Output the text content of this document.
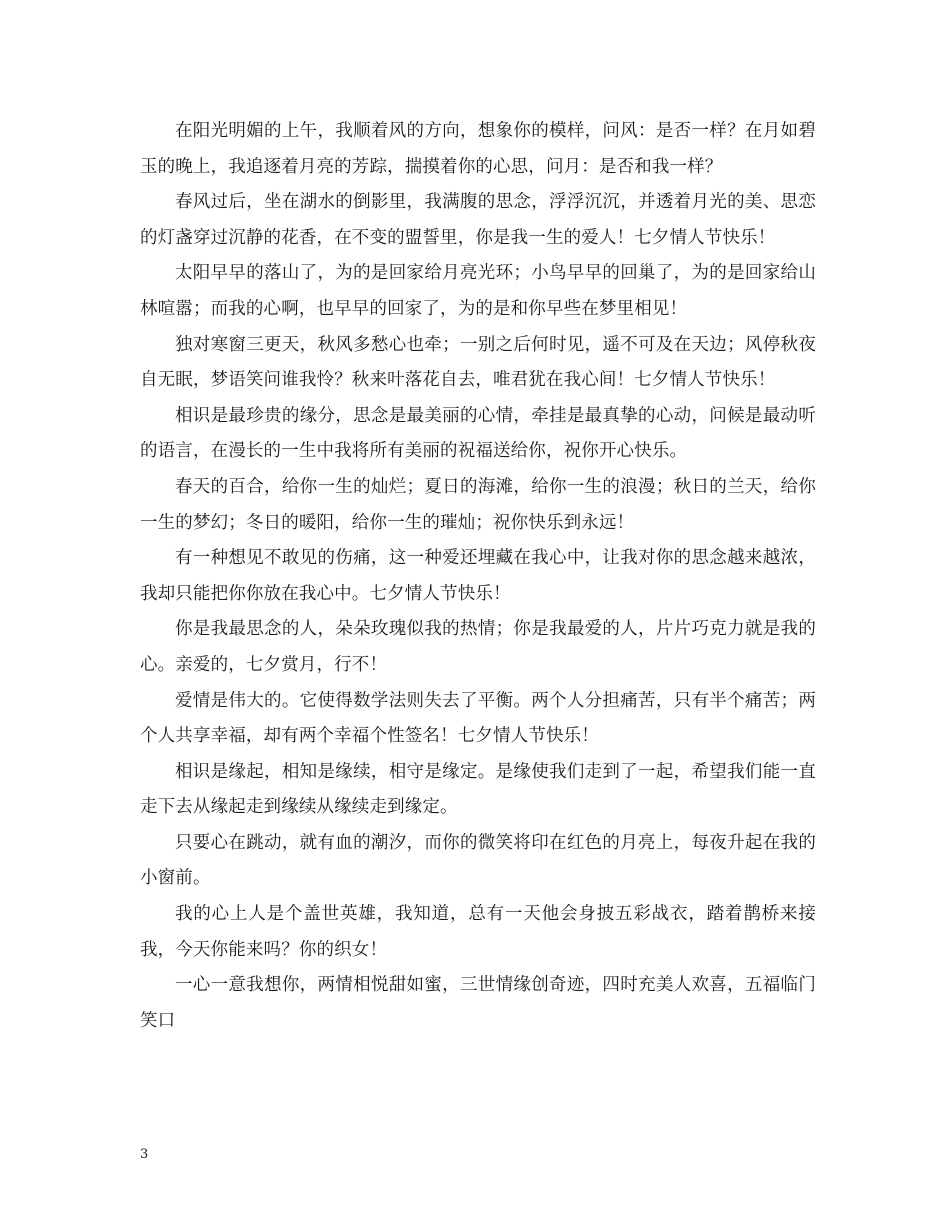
在阳光明媚的上午，我顺着风的方向，想象你的模样，问风：是否一样？在月如碧玉的晚上，我追逐着月亮的芳踪，揣摸着你的心思，问月：是否和我一样？

春风过后，坐在湖水的倒影里，我满腹的思念，浮浮沉沉，并透着月光的美、思恋的灯盏穿过沉静的花香，在不变的盟誓里，你是我一生的爱人！七夕情人节快乐！

太阳早早的落山了，为的是回家给月亮光环；小鸟早早的回巢了，为的是回家给山林喧嚣；而我的心啊，也早早的回家了，为的是和你早些在梦里相见！

独对寒窗三更天，秋风多愁心也牵；一别之后何时见，遥不可及在天边；风停秋夜自无眠，梦语笑问谁我怜？秋来叶落花自去，唯君犹在我心间！七夕情人节快乐！

相识是最珍贵的缘分，思念是最美丽的心情，牵挂是最真挚的心动，问候是最动听的语言，在漫长的一生中我将所有美丽的祝福送给你，祝你开心快乐。

春天的百合，给你一生的灿烂；夏日的海滩，给你一生的浪漫；秋日的兰天，给你一生的梦幻；冬日的暖阳，给你一生的璀灿；祝你快乐到永远！

有一种想见不敢见的伤痛，这一种爱还埋藏在我心中，让我对你的思念越来越浓，我却只能把你你放在我心中。七夕情人节快乐！

你是我最思念的人，朵朵玫瑰似我的热情；你是我最爱的人，片片巧克力就是我的心。亲爱的，七夕赏月，行不！

爱情是伟大的。它使得数学法则失去了平衡。两个人分担痛苦，只有半个痛苦；两个人共享幸福，却有两个幸福个性签名！七夕情人节快乐！

相识是缘起，相知是缘续，相守是缘定。是缘使我们走到了一起，希望我们能一直走下去从缘起走到缘续从缘续走到缘定。

只要心在跳动，就有血的潮汐，而你的微笑将印在红色的月亮上，每夜升起在我的小窗前。

我的心上人是个盖世英雄，我知道，总有一天他会身披五彩战衣，踏着鹊桥来接我，今天你能来吗？你的织女！

一心一意我想你，两情相悦甜如蜜，三世情缘创奇迹，四时充美人欢喜，五福临门笑口

3
